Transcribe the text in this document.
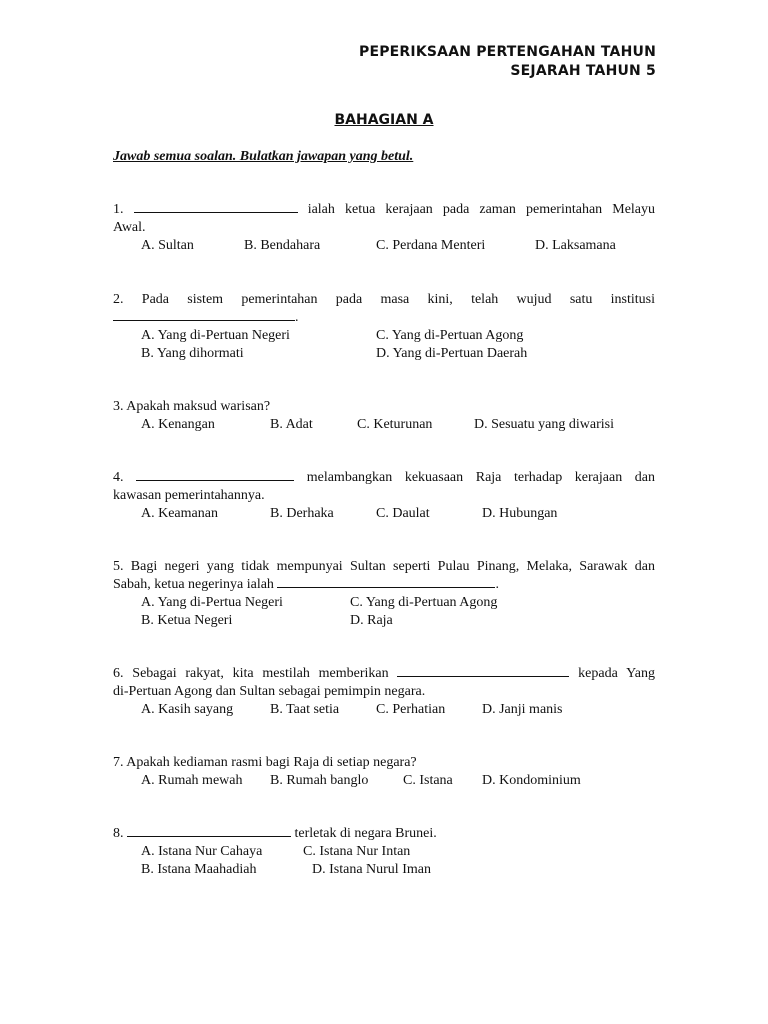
PEPERIKSAAN PERTENGAHAN TAHUN
SEJARAH TAHUN 5
BAHAGIAN A
Jawab semua soalan. Bulatkan jawapan yang betul.
1.	ialah ketua kerajaan pada zaman pemerintahan Melayu
Awal.
A. Sultan	B. Bendahara	C. Perdana Menteri	D. Laksamana
2. Pada sistem pemerintahan pada masa kini, telah wujud satu institusi
.
A. Yang di-Pertuan Negeri	C. Yang di-Pertuan Agong
B. Yang dihormati	D. Yang di-Pertuan Daerah
3. Apakah maksud warisan?
A. Kenangan	B. Adat	C. Keturunan	D. Sesuatu yang diwarisi
4.	melambangkan kekuasaan Raja terhadap kerajaan dan
kawasan pemerintahannya.
A. Keamanan	B. Derhaka	C. Daulat	D. Hubungan
5. Bagi negeri yang tidak mempunyai Sultan seperti Pulau Pinang, Melaka, Sarawak dan
Sabah, ketua negerinya ialah	.
A. Yang di-Pertua Negeri	C. Yang di-Pertuan Agong
B. Ketua Negeri	D. Raja
6. Sebagai rakyat, kita mestilah memberikan	kepada Yang
di-Pertuan Agong dan Sultan sebagai pemimpin negara.
A. Kasih sayang	B. Taat setia	C. Perhatian	D. Janji manis
7. Apakah kediaman rasmi bagi Raja di setiap negara?
A. Rumah mewah B. Rumah banglo C. Istana D. Kondominium
8.	terletak di negara Brunei.
A. Istana Nur Cahaya	C. Istana Nur Intan
B. Istana Maahadiah	D. Istana Nurul Iman
